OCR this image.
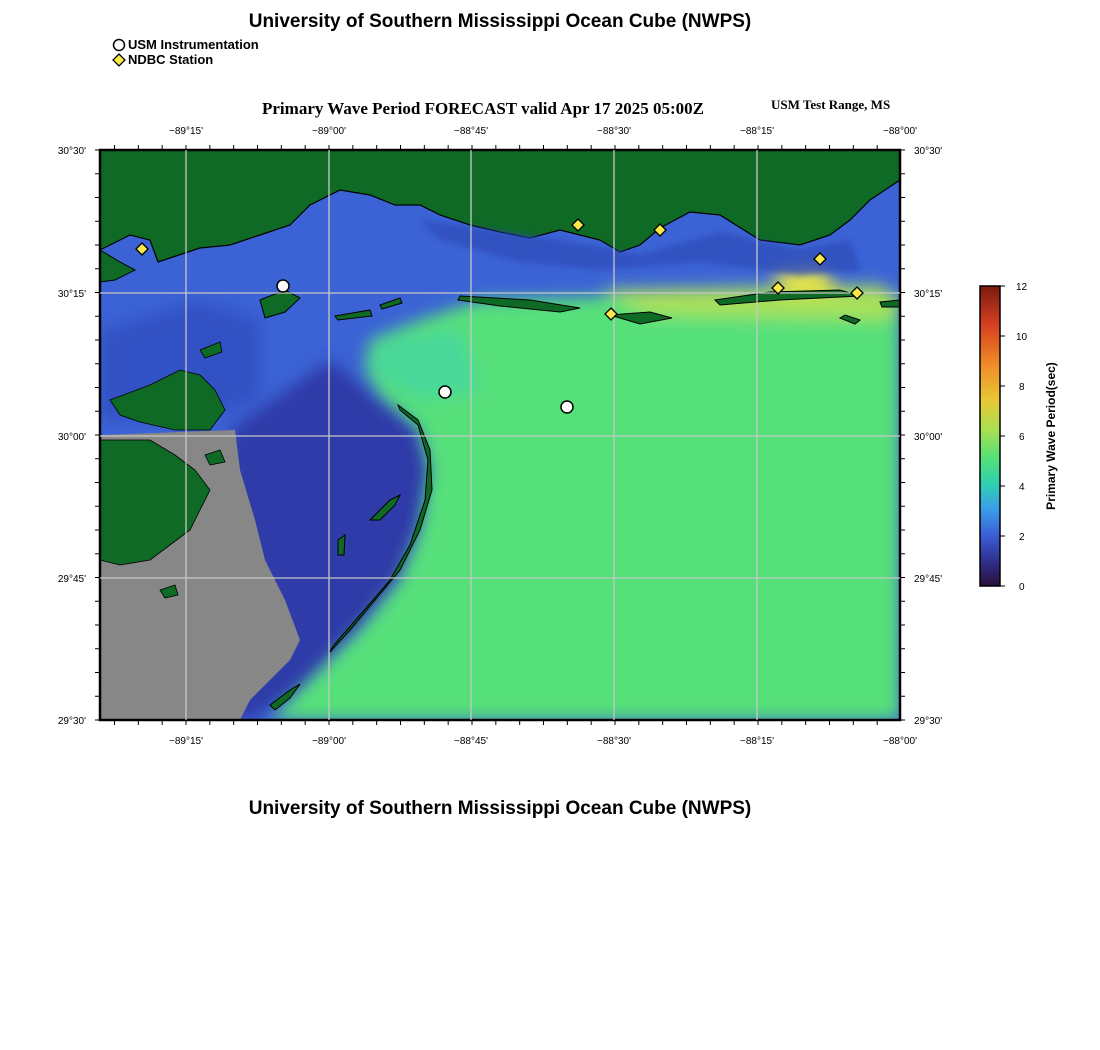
University of Southern Mississippi Ocean Cube (NWPS)
USM Instrumentation
NDBC Station
Primary Wave Period FORECAST valid Apr 17 2025 05:00Z	USM Test Range, MS
−89°15'	−89°00'	−88°45'	−88°30'	−88°15'	−88°00'
−89°15'	−89°00'	−88°45'	−88°30'	−88°15'	−88°00'
30°30'
30°15'
30°00'
29°45'
29°30'
30°30'
30°15'
30°00'
29°45'
29°30'
12
10
8
6
4
2
0
Primary Wave Period(sec)
University of Southern Mississippi Ocean Cube (NWPS)
